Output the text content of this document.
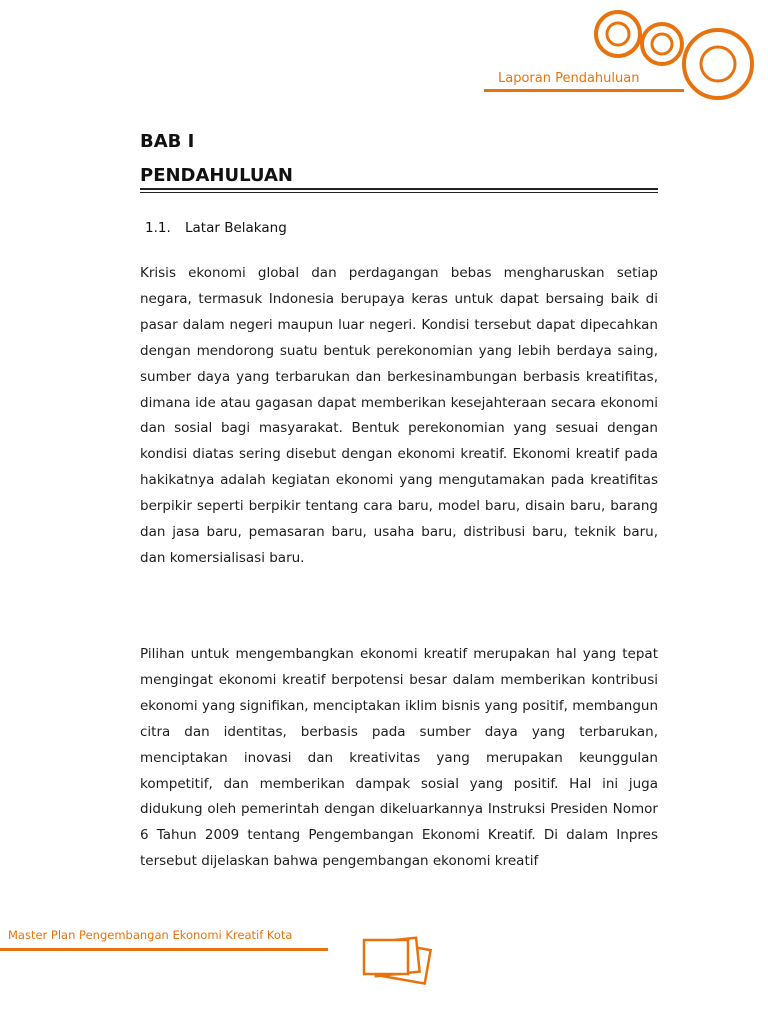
Laporan Pendahuluan
BAB I
PENDAHULUAN
1.1. Latar Belakang

Krisis ekonomi global dan perdagangan bebas mengharuskan setiap negara, termasuk Indonesia berupaya keras untuk dapat bersaing baik di pasar dalam negeri maupun luar negeri. Kondisi tersebut dapat dipecahkan dengan mendorong suatu bentuk perekonomian yang lebih berdaya saing, sumber daya yang terbarukan dan berkesinambungan berbasis kreatifitas, dimana ide atau gagasan dapat memberikan kesejahteraan secara ekonomi dan sosial bagi masyarakat. Bentuk perekonomian yang sesuai dengan kondisi diatas sering disebut dengan ekonomi kreatif. Ekonomi kreatif pada hakikatnya adalah kegiatan ekonomi yang mengutamakan pada kreatifitas berpikir seperti berpikir tentang cara baru, model baru, disain baru, barang dan jasa baru, pemasaran baru, usaha baru, distribusi baru, teknik baru, dan komersialisasi baru.

Pilihan untuk mengembangkan ekonomi kreatif merupakan hal yang tepat mengingat ekonomi kreatif berpotensi besar dalam memberikan kontribusi ekonomi yang signifikan, menciptakan iklim bisnis yang positif, membangun citra dan identitas, berbasis pada sumber daya yang terbarukan, menciptakan inovasi dan kreativitas yang merupakan keunggulan kompetitif, dan memberikan dampak sosial yang positif. Hal ini juga didukung oleh pemerintah dengan dikeluarkannya Instruksi Presiden Nomor 6 Tahun 2009 tentang Pengembangan Ekonomi Kreatif. Di dalam Inpres tersebut dijelaskan bahwa pengembangan ekonomi kreatif

Master Plan Pengembangan Ekonomi Kreatif Kota
